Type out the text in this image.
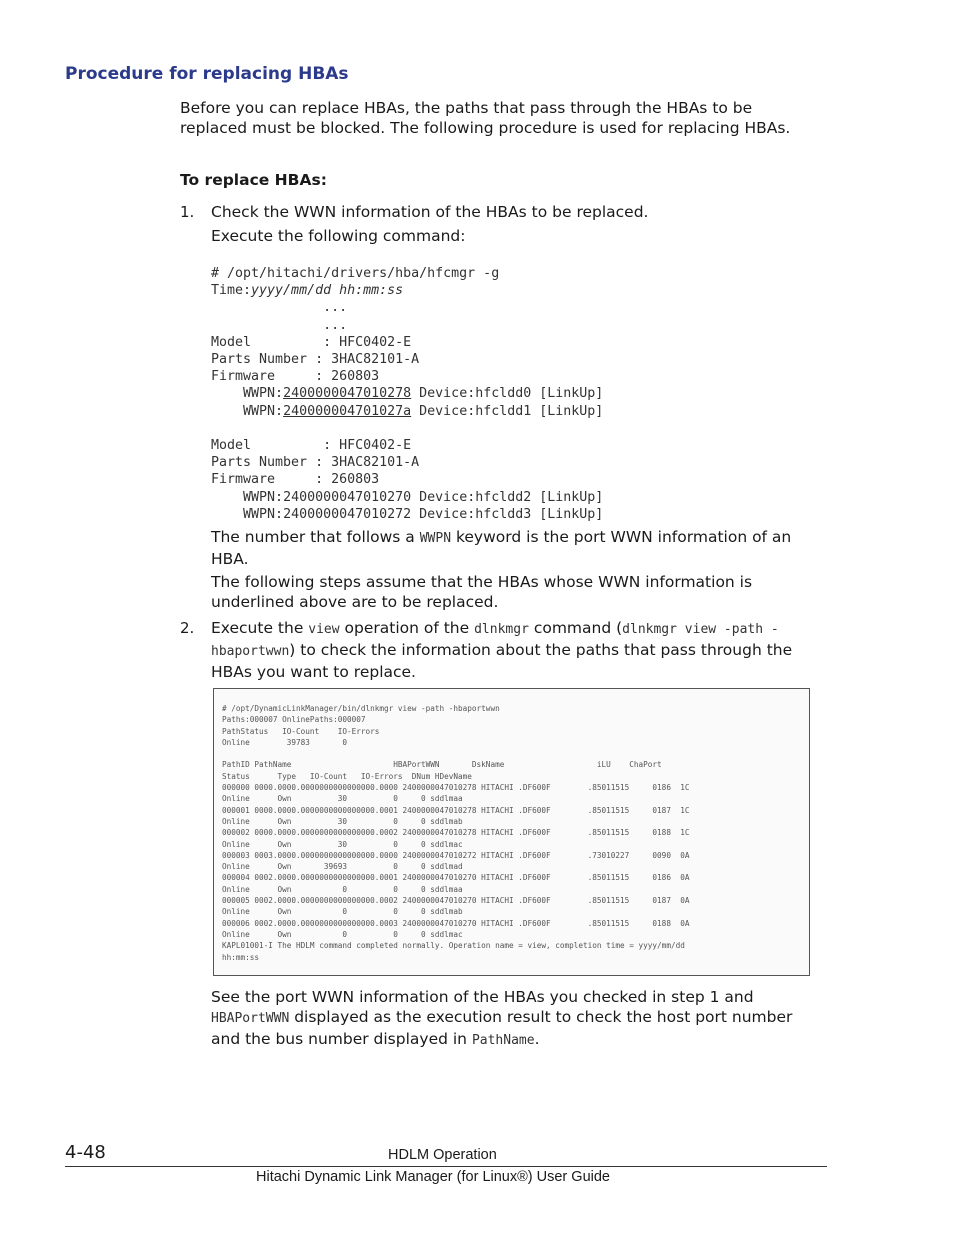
Procedure for replacing HBAs
Before you can replace HBAs, the paths that pass through the HBAs to be replaced must be blocked. The following procedure is used for replacing HBAs.
To replace HBAs:
1. Check the WWN information of the HBAs to be replaced.
Execute the following command:
# /opt/hitachi/drivers/hba/hfcmgr -g
Time:yyyy/mm/dd hh:mm:ss
...
...
Model         : HFC0402-E
Parts Number : 3HAC82101-A
Firmware     : 260803
WWPN:2400000047010278 Device:hfcldd0 [LinkUp]
WWPN:240000004701027a Device:hfcldd1 [LinkUp]

Model         : HFC0402-E
Parts Number : 3HAC82101-A
Firmware     : 260803
WWPN:2400000047010270 Device:hfcldd2 [LinkUp]
WWPN:2400000047010272 Device:hfcldd3 [LinkUp]
The number that follows a WWPN keyword is the port WWN information of an HBA.
The following steps assume that the HBAs whose WWN information is underlined above are to be replaced.
2. Execute the view operation of the dlnkmgr command (dlnkmgr view -path -hbaportwwn) to check the information about the paths that pass through the HBAs you want to replace.
# /opt/DynamicLinkManager/bin/dlnkmgr view -path -hbaportwwn
Paths:000007 OnlinePaths:000007
PathStatus   IO-Count    IO-Errors
Online        39783       0

PathID PathName                      HBAPortWWN       DskName                    iLU    ChaPort
Status      Type   IO-Count   IO-Errors  DNum HDevName
000000 0000.0000.0000000000000000.0000 2400000047010278 HITACHI .DF600F        .85011515     0186  1C
Online      Own          30          0     0 sddlmaa
000001 0000.0000.0000000000000000.0001 2400000047010278 HITACHI .DF600F        .85011515     0187  1C
Online      Own          30          0     0 sddlmab
000002 0000.0000.0000000000000000.0002 2400000047010278 HITACHI .DF600F        .85011515     0188  1C
Online      Own          30          0     0 sddlmac
000003 0003.0000.0000000000000000.0000 2400000047010272 HITACHI .DF600F        .73010227     0090  0A
Online      Own       39693          0     0 sddlmad
000004 0002.0000.0000000000000000.0001 2400000047010270 HITACHI .DF600F        .85011515     0186  0A
Online      Own           0          0     0 sddlmaa
000005 0002.0000.0000000000000000.0002 2400000047010270 HITACHI .DF600F        .85011515     0187  0A
Online      Own           0          0     0 sddlmab
000006 0002.0000.0000000000000000.0003 2400000047010270 HITACHI .DF600F        .85011515     0188  0A
Online      Own           0          0     0 sddlmac
KAPL01001-I The HDLM command completed normally. Operation name = view, completion time = yyyy/mm/dd
hh:mm:ss

See the port WWN information of the HBAs you checked in step 1 and HBAPortWWN displayed as the execution result to check the host port number and the bus number displayed in PathName.
4-48	HDLM Operation
Hitachi Dynamic Link Manager (for Linux®) User Guide
